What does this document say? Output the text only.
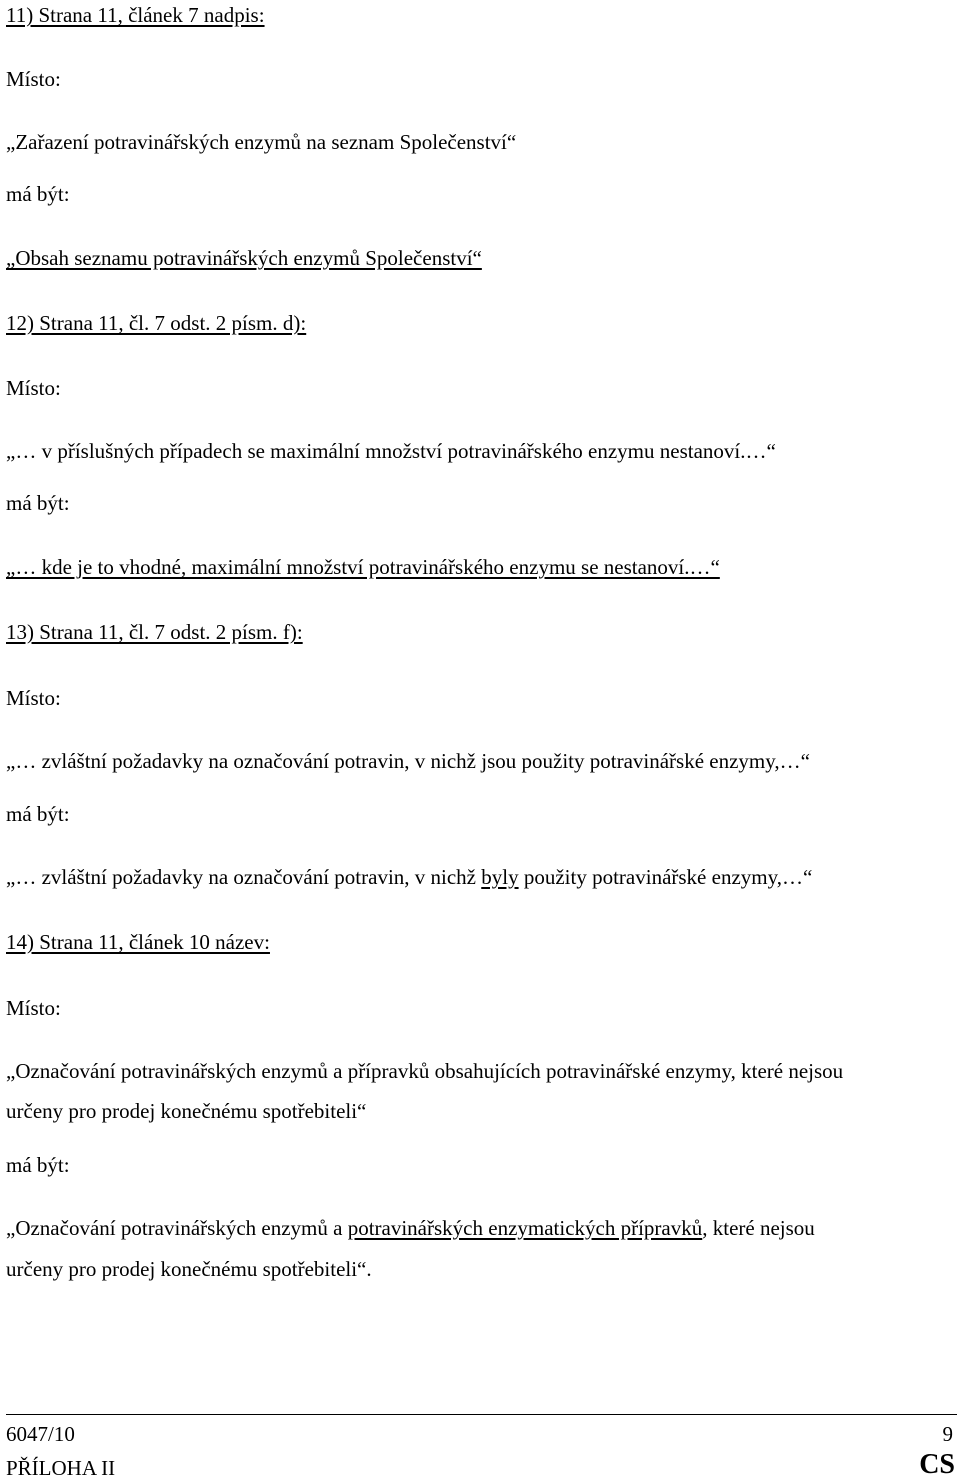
11) Strana 11, článek 7 nadpis:
Místo:
„Zařazení potravinářských enzymů na seznam Společenství“
má být:
„Obsah seznamu potravinářských enzymů Společenství“
12) Strana 11, čl. 7 odst. 2 písm. d):
Místo:
„… v příslušných případech se maximální množství potravinářského enzymu nestanoví.…“
má být:
„… kde je to vhodné, maximální množství potravinářského enzymu se nestanoví.…“
13) Strana 11, čl. 7 odst. 2 písm. f):
Místo:
„… zvláštní požadavky na označování potravin, v nichž jsou použity potravinářské enzymy,…“
má být:
„… zvláštní požadavky na označování potravin, v nichž byly použity potravinářské enzymy,…“
14) Strana 11, článek 10 název:
Místo:
„Označování potravinářských enzymů a přípravků obsahujících potravinářské enzymy, které nejsou
určeny pro prodej konečnému spotřebiteli“
má být:
„Označování potravinářských enzymů a potravinářských enzymatických přípravků, které nejsou
určeny pro prodej konečnému spotřebiteli“.
6047/10
PŘÍLOHA II
9
CS
